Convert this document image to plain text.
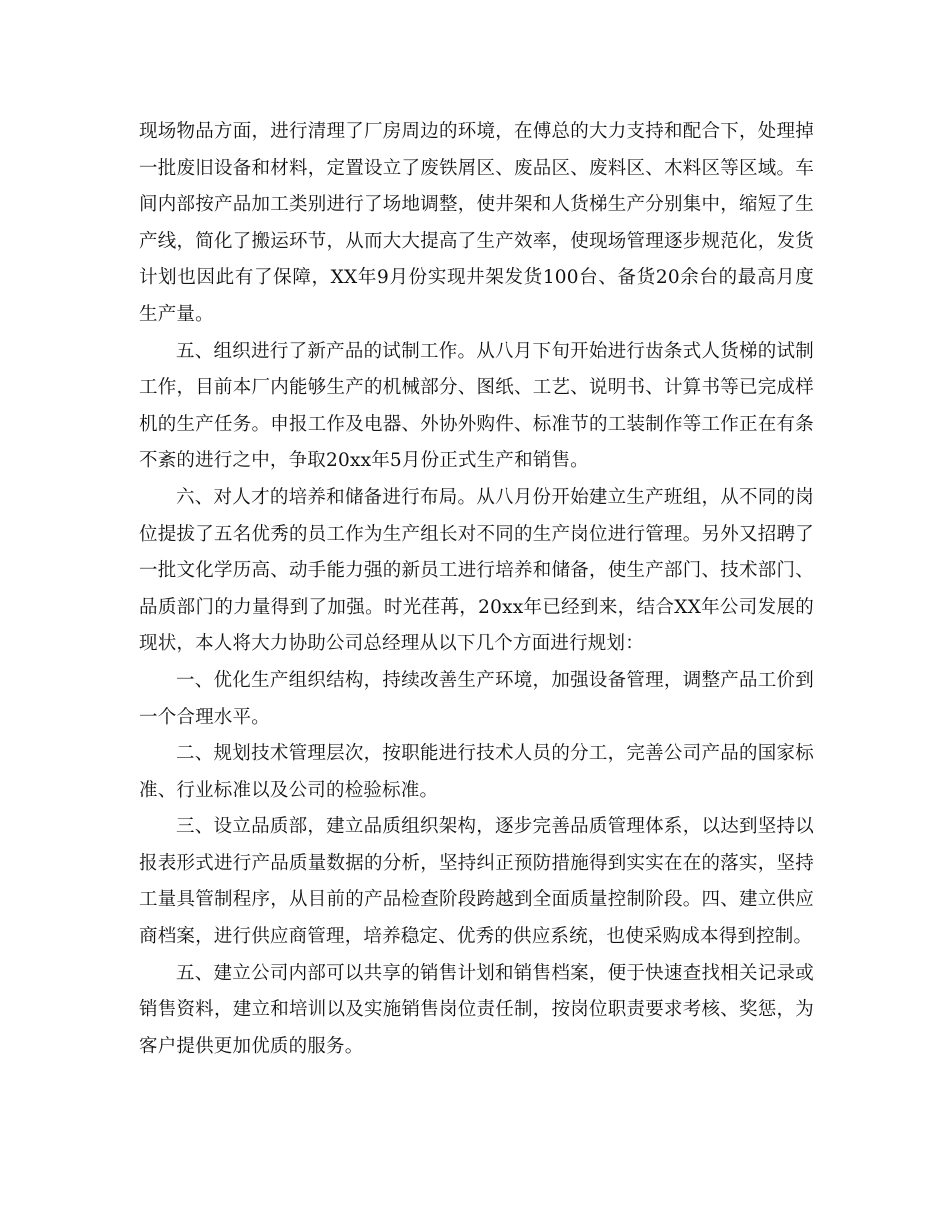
现场物品方面，进行清理了厂房周边的环境，在傅总的大力支持和配合下，处理掉一批废旧设备和材料，定置设立了废铁屑区、废品区、废料区、木料区等区域。车间内部按产品加工类别进行了场地调整，使井架和人货梯生产分别集中，缩短了生产线，简化了搬运环节，从而大大提高了生产效率，使现场管理逐步规范化，发货计划也因此有了保障，XX年9月份实现井架发货100台、备货20余台的最高月度生产量。

五、组织进行了新产品的试制工作。从八月下旬开始进行齿条式人货梯的试制工作，目前本厂内能够生产的机械部分、图纸、工艺、说明书、计算书等已完成样机的生产任务。申报工作及电器、外协外购件、标准节的工装制作等工作正在有条不紊的进行之中，争取20xx年5月份正式生产和销售。

六、对人才的培养和储备进行布局。从八月份开始建立生产班组，从不同的岗位提拔了五名优秀的员工作为生产组长对不同的生产岗位进行管理。另外又招聘了一批文化学历高、动手能力强的新员工进行培养和储备，使生产部门、技术部门、品质部门的力量得到了加强。时光荏苒，20xx年已经到来，结合XX年公司发展的现状，本人将大力协助公司总经理从以下几个方面进行规划：

一、优化生产组织结构，持续改善生产环境，加强设备管理，调整产品工价到一个合理水平。

二、规划技术管理层次，按职能进行技术人员的分工，完善公司产品的国家标准、行业标准以及公司的检验标准。

三、设立品质部，建立品质组织架构，逐步完善品质管理体系，以达到坚持以报表形式进行产品质量数据的分析，坚持纠正预防措施得到实实在在的落实，坚持工量具管制程序，从目前的产品检查阶段跨越到全面质量控制阶段。四、建立供应商档案，进行供应商管理，培养稳定、优秀的供应系统，也使采购成本得到控制。

五、建立公司内部可以共享的销售计划和销售档案，便于快速查找相关记录或销售资料，建立和培训以及实施销售岗位责任制，按岗位职责要求考核、奖惩，为客户提供更加优质的服务。
